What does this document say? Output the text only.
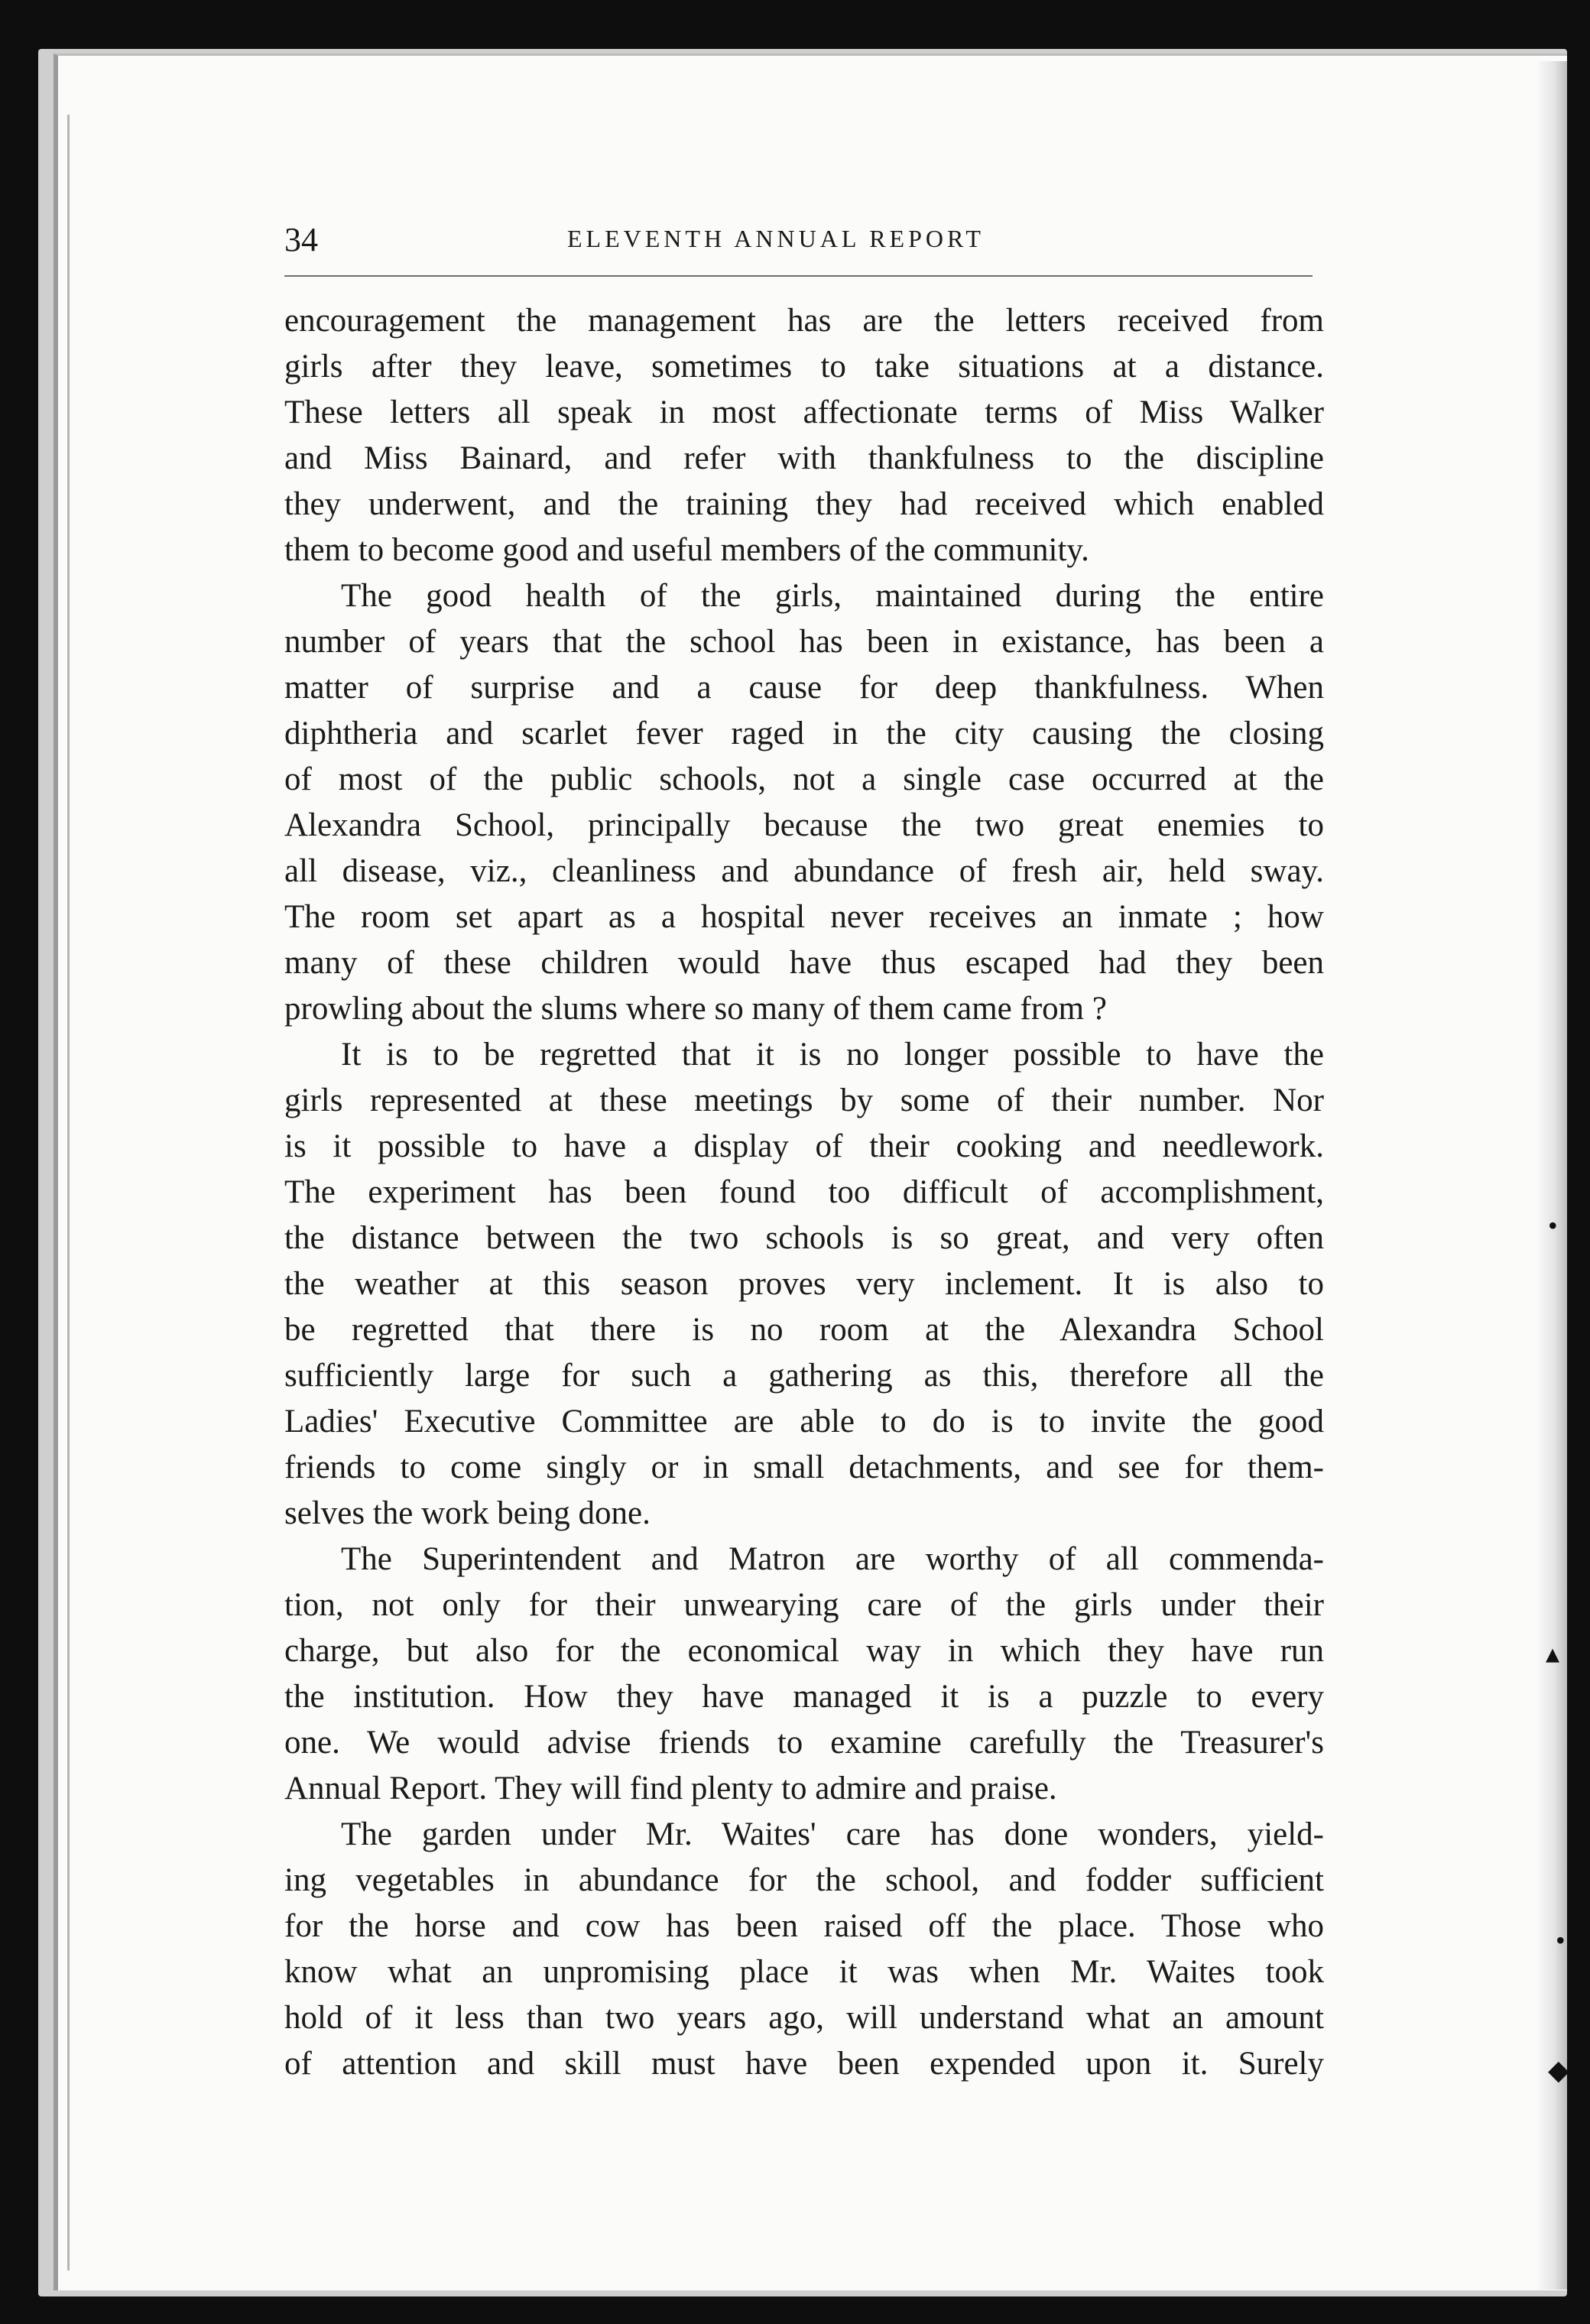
•
▴
•
◆
34	ELEVENTH ANNUAL REPORT

encouragement the management has are the letters received from

girls after they leave, sometimes to take situations at a distance.

These letters all speak in most affectionate terms of Miss Walker

and Miss Bainard, and refer with thankfulness to the discipline

they underwent, and the training they had received which enabled

them to become good and useful members of the community.

The good health of the girls, maintained during the entire

number of years that the school has been in existance, has been a

matter of surprise and a cause for deep thankfulness. When

diphtheria and scarlet fever raged in the city causing the closing

of most of the public schools, not a single case occurred at the

Alexandra School, principally because the two great enemies to

all disease, viz., cleanliness and abundance of fresh air, held sway.

The room set apart as a hospital never receives an inmate ; how

many of these children would have thus escaped had they been

prowling about the slums where so many of them came from ?

It is to be regretted that it is no longer possible to have the

girls represented at these meetings by some of their number. Nor

is it possible to have a display of their cooking and needlework.

The experiment has been found too difficult of accomplishment,

the distance between the two schools is so great, and very often

the weather at this season proves very inclement. It is also to

be regretted that there is no room at the Alexandra School

sufficiently large for such a gathering as this, therefore all the

Ladies' Executive Committee are able to do is to invite the good

friends to come singly or in small detachments, and see for them-

selves the work being done.

The Superintendent and Matron are worthy of all commenda-

tion, not only for their unwearying care of the girls under their

charge, but also for the economical way in which they have run

the institution. How they have managed it is a puzzle to every

one. We would advise friends to examine carefully the Treasurer's

Annual Report. They will find plenty to admire and praise.

The garden under Mr. Waites' care has done wonders, yield-

ing vegetables in abundance for the school, and fodder sufficient

for the horse and cow has been raised off the place. Those who

know what an unpromising place it was when Mr. Waites took

hold of it less than two years ago, will understand what an amount

of attention and skill must have been expended upon it. Surely
